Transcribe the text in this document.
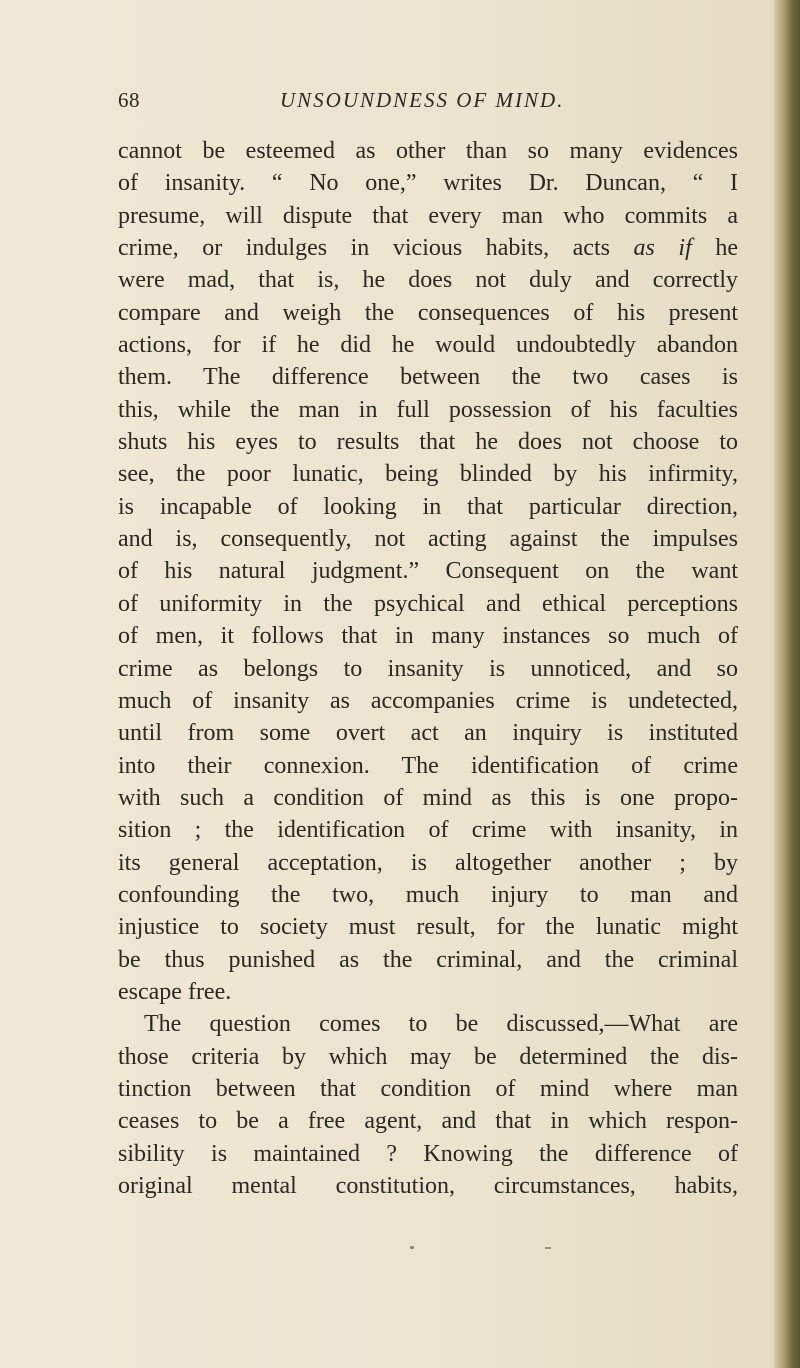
68	UNSOUNDNESS OF MIND.
cannot be esteemed as other than so many evidences
of insanity. “ No one,” writes Dr. Duncan, “ I
presume, will dispute that every man who commits a
crime, or indulges in vicious habits, acts as if he
were mad, that is, he does not duly and correctly
compare and weigh the consequences of his present
actions, for if he did he would undoubtedly abandon
them. The difference between the two cases is
this, while the man in full possession of his faculties
shuts his eyes to results that he does not choose to
see, the poor lunatic, being blinded by his infirmity,
is incapable of looking in that particular direction,
and is, consequently, not acting against the impulses
of his natural judgment.” Consequent on the want
of uniformity in the psychical and ethical perceptions
of men, it follows that in many instances so much of
crime as belongs to insanity is unnoticed, and so
much of insanity as accompanies crime is undetected,
until from some overt act an inquiry is instituted
into their connexion. The identification of crime
with such a condition of mind as this is one propo-
sition ; the identification of crime with insanity, in
its general acceptation, is altogether another ; by
confounding the two, much injury to man and
injustice to society must result, for the lunatic might
be thus punished as the criminal, and the criminal
escape free.
The question comes to be discussed,—What are
those criteria by which may be determined the dis-
tinction between that condition of mind where man
ceases to be a free agent, and that in which respon-
sibility is maintained ? Knowing the difference of
original mental constitution, circumstances, habits,
